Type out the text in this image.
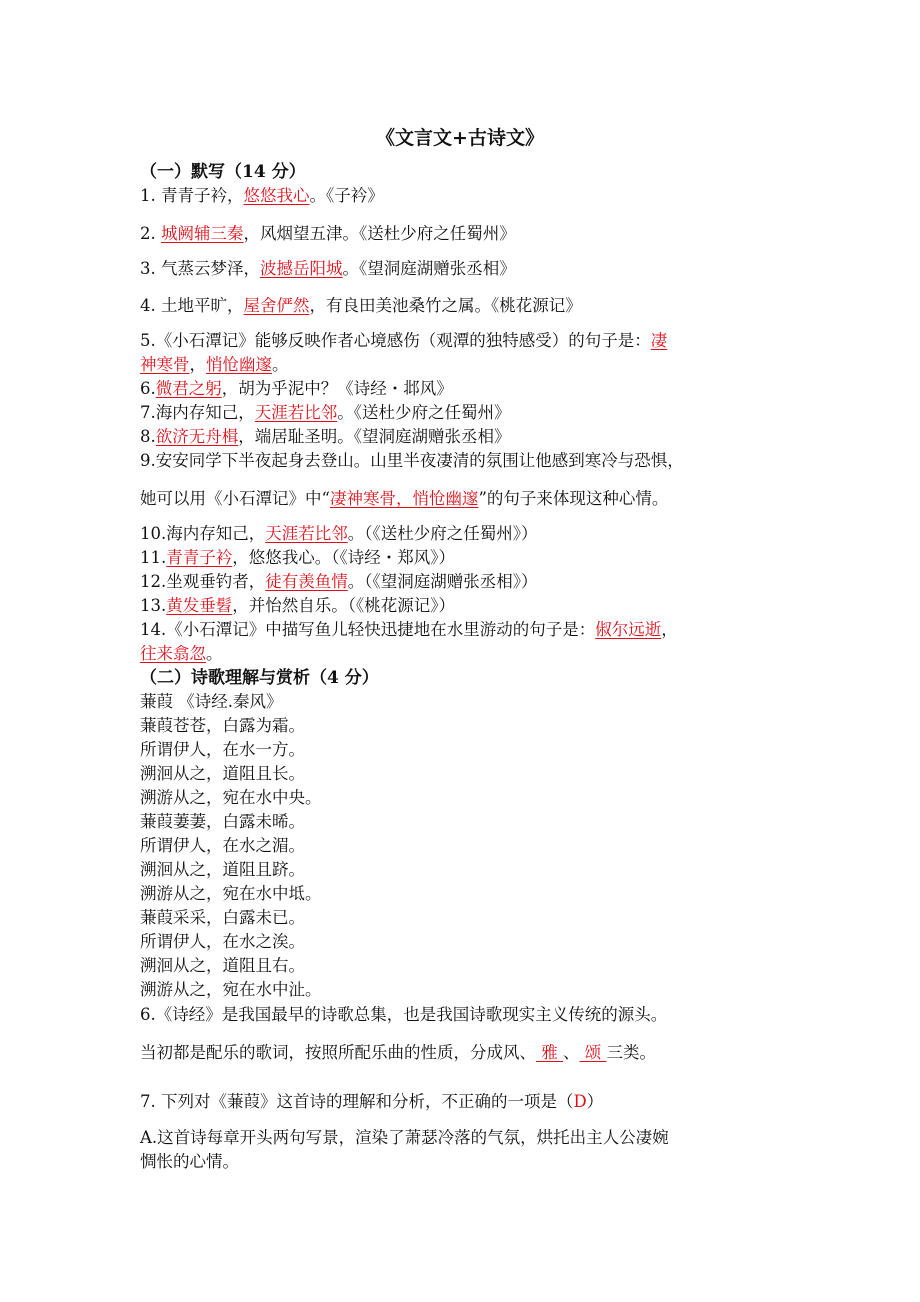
《文言文+古诗文》
（一）默写（14 分）
1. 青青子衿，悠悠我心。《子衿》
2. 城阙辅三秦，风烟望五津。《送杜少府之任蜀州》
3. 气蒸云梦泽，波撼岳阳城。《望洞庭湖赠张丞相》
4. 土地平旷，屋舍俨然，有良田美池桑竹之属。《桃花源记》
5.《小石潭记》能够反映作者心境感伤（观潭的独特感受）的句子是：凄
神寒骨，悄怆幽邃。
6.微君之躬，胡为乎泥中？《诗经・邶风》
7.海内存知己，天涯若比邻。《送杜少府之任蜀州》
8.欲济无舟楫，端居耻圣明。《望洞庭湖赠张丞相》
9.安安同学下半夜起身去登山。山里半夜凄清的氛围让他感到寒冷与恐惧，
她可以用《小石潭记》中“凄神寒骨，悄怆幽邃”的句子来体现这种心情。
10.海内存知己，天涯若比邻。（《送杜少府之任蜀州》）
11.青青子衿，悠悠我心。（《诗经・郑风》）
12.坐观垂钓者，徒有羡鱼情。（《望洞庭湖赠张丞相》）
13.黄发垂髫，并怡然自乐。（《桃花源记》）
14.《小石潭记》中描写鱼儿轻快迅捷地在水里游动的句子是：俶尔远逝，
往来翕忽。
（二）诗歌理解与赏析（4 分）
蒹葭 《诗经.秦风》
蒹葭苍苍，白露为霜。
所谓伊人，在水一方。
溯洄从之，道阻且长。
溯游从之，宛在水中央。
蒹葭萋萋，白露未晞。
所谓伊人，在水之湄。
溯洄从之，道阻且跻。
溯游从之，宛在水中坻。
蒹葭采采，白露未已。
所谓伊人，在水之涘。
溯洄从之，道阻且右。
溯游从之，宛在水中沚。
6.《诗经》是我国最早的诗歌总集，也是我国诗歌现实主义传统的源头。
当初都是配乐的歌词，按照所配乐曲的性质，分成风、 雅 、 颂 三类。
7. 下列对《蒹葭》这首诗的理解和分析，不正确的一项是（D）
A.这首诗每章开头两句写景，渲染了萧瑟冷落的气氛，烘托出主人公凄婉
惆怅的心情。
